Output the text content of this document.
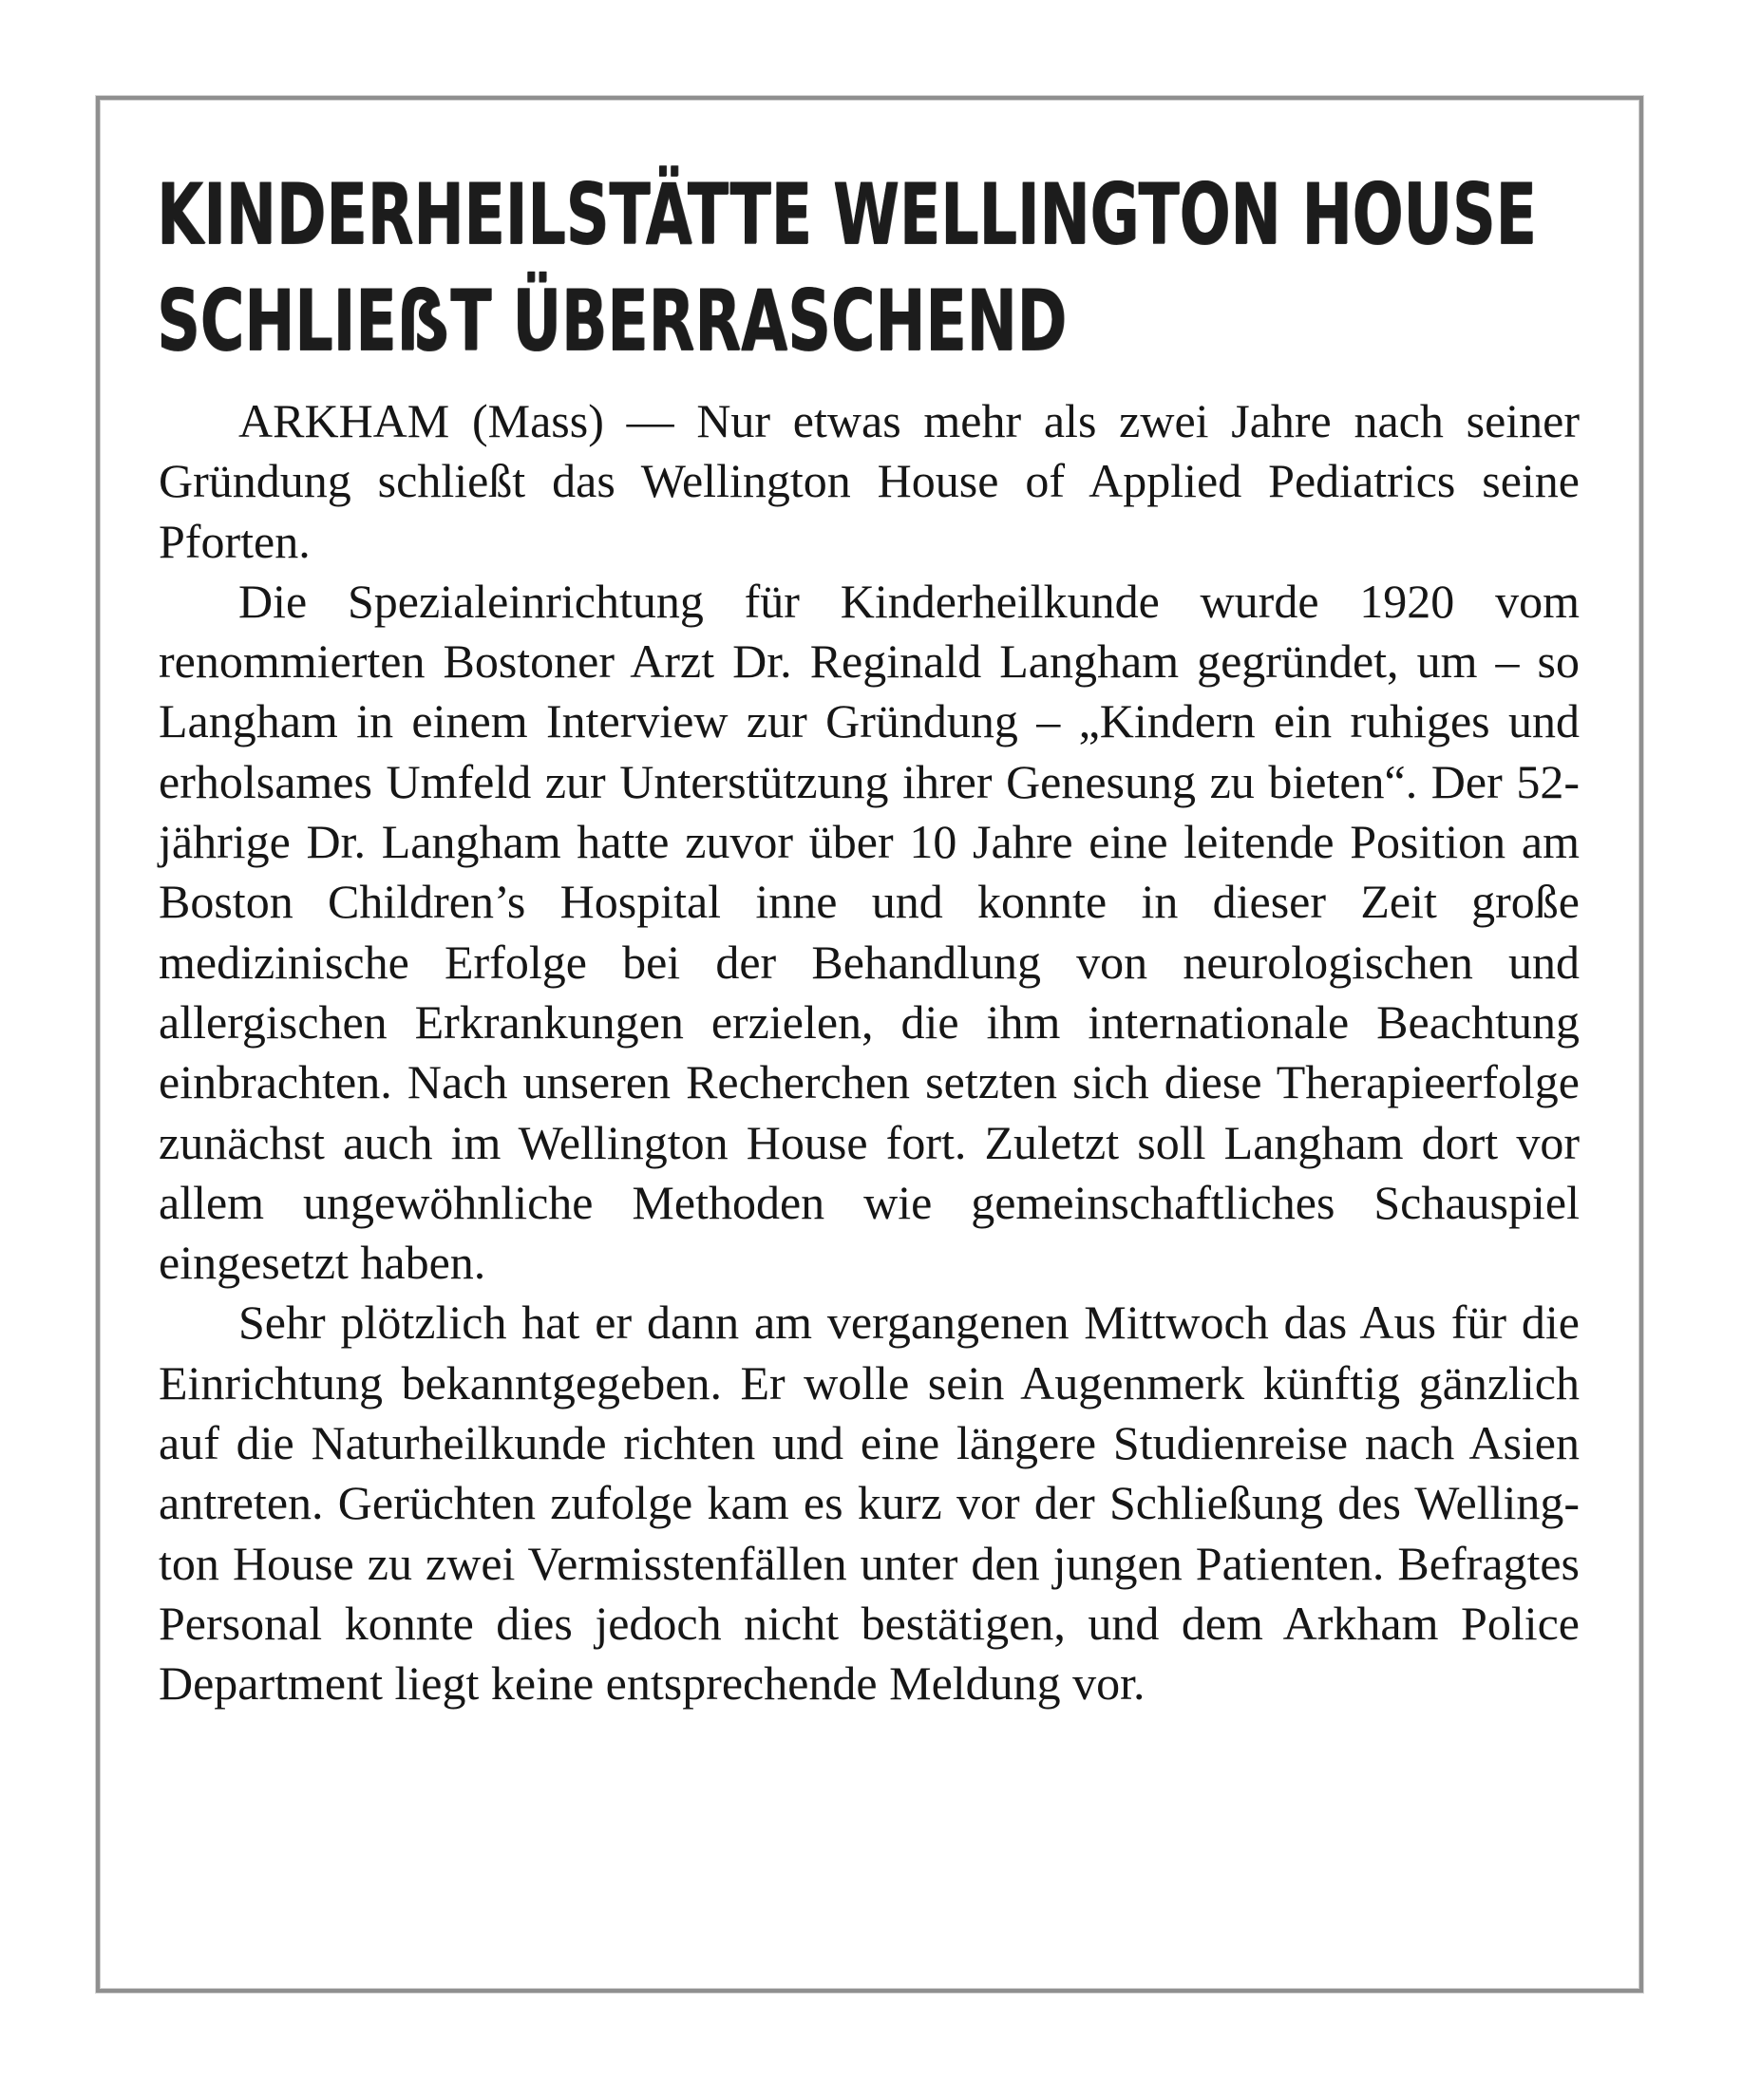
KINDERHEILSTÄTTE WELLINGTON HOUSE
SCHLIEẞT ÜBERRASCHEND

ARKHAM (Mass) — Nur etwas mehr als zwei Jahre nach seiner Gründung schließt das Wellington House of Applied Pediatrics seine Pforten.

Die Spezialeinrichtung für Kinderheilkunde wurde 1920 vom renommierten Bostoner Arzt Dr. Reginald Langham gegründet, um – so Langham in einem Interview zur Gründung – „Kindern ein ruhiges und erholsames Umfeld zur Unterstützung ihrer Genesung zu bieten“. Der 52-jährige Dr. Langham hatte zuvor über 10 Jahre eine leitende Position am Boston Children’s Hospital inne und konnte in dieser Zeit große medizinische Erfolge bei der Behandlung von neurologischen und allergischen Erkrankungen erzielen, die ihm internationale Beachtung einbrachten. Nach unseren Recherchen setzten sich diese Therapieerfolge zunächst auch im Wellington House fort. Zuletzt soll Langham dort vor allem ungewöhnliche Methoden wie gemeinschaftliches Schauspiel eingesetzt haben.

Sehr plötzlich hat er dann am vergangenen Mittwoch das Aus für die Einrichtung bekanntgegeben. Er wolle sein Augenmerk künftig gänzlich auf die Naturheilkunde richten und eine längere Studienreise nach Asien antreten. Gerüchten zufolge kam es kurz vor der Schließung des Wellington House zu zwei Vermisstenfällen unter den jungen Patienten. Befragtes Personal konnte dies jedoch nicht bestätigen, und dem Arkham Police Department liegt keine entsprechende Meldung vor.
